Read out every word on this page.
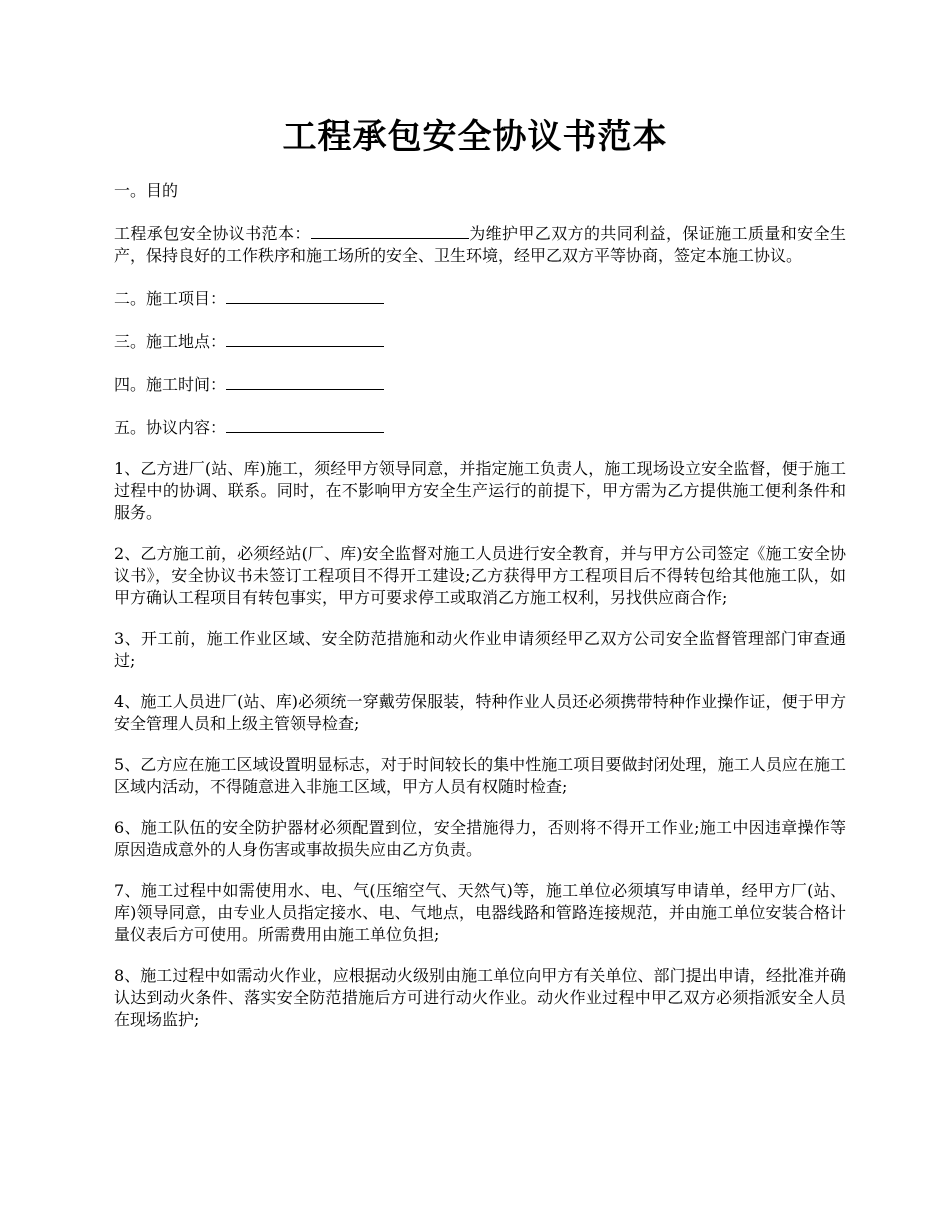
工程承包安全协议书范本

一。目的

工程承包安全协议书范本：	为维护甲乙双方的共同利益，保证施工质量和安全生产，保持良好的工作秩序和施工场所的安全、卫生环境，经甲乙双方平等协商，签定本施工协议。

二。施工项目：

三。施工地点：

四。施工时间：

五。协议内容：

1、乙方进厂(站、库)施工，须经甲方领导同意，并指定施工负责人，施工现场设立安全监督，便于施工过程中的协调、联系。同时，在不影响甲方安全生产运行的前提下，甲方需为乙方提供施工便利条件和服务。

2、乙方施工前，必须经站(厂、库)安全监督对施工人员进行安全教育，并与甲方公司签定《施工安全协议书》，安全协议书未签订工程项目不得开工建设;乙方获得甲方工程项目后不得转包给其他施工队，如甲方确认工程项目有转包事实，甲方可要求停工或取消乙方施工权利，另找供应商合作;

3、开工前，施工作业区域、安全防范措施和动火作业申请须经甲乙双方公司安全监督管理部门审查通过;

4、施工人员进厂(站、库)必须统一穿戴劳保服装，特种作业人员还必须携带特种作业操作证，便于甲方安全管理人员和上级主管领导检查;

5、乙方应在施工区域设置明显标志，对于时间较长的集中性施工项目要做封闭处理，施工人员应在施工区域内活动，不得随意进入非施工区域，甲方人员有权随时检查;

6、施工队伍的安全防护器材必须配置到位，安全措施得力，否则将不得开工作业;施工中因违章操作等原因造成意外的人身伤害或事故损失应由乙方负责。

7、施工过程中如需使用水、电、气(压缩空气、天然气)等，施工单位必须填写申请单，经甲方厂(站、库)领导同意，由专业人员指定接水、电、气地点，电器线路和管路连接规范，并由施工单位安装合格计量仪表后方可使用。所需费用由施工单位负担;

8、施工过程中如需动火作业，应根据动火级别由施工单位向甲方有关单位、部门提出申请，经批准并确认达到动火条件、落实安全防范措施后方可进行动火作业。动火作业过程中甲乙双方必须指派安全人员在现场监护;
